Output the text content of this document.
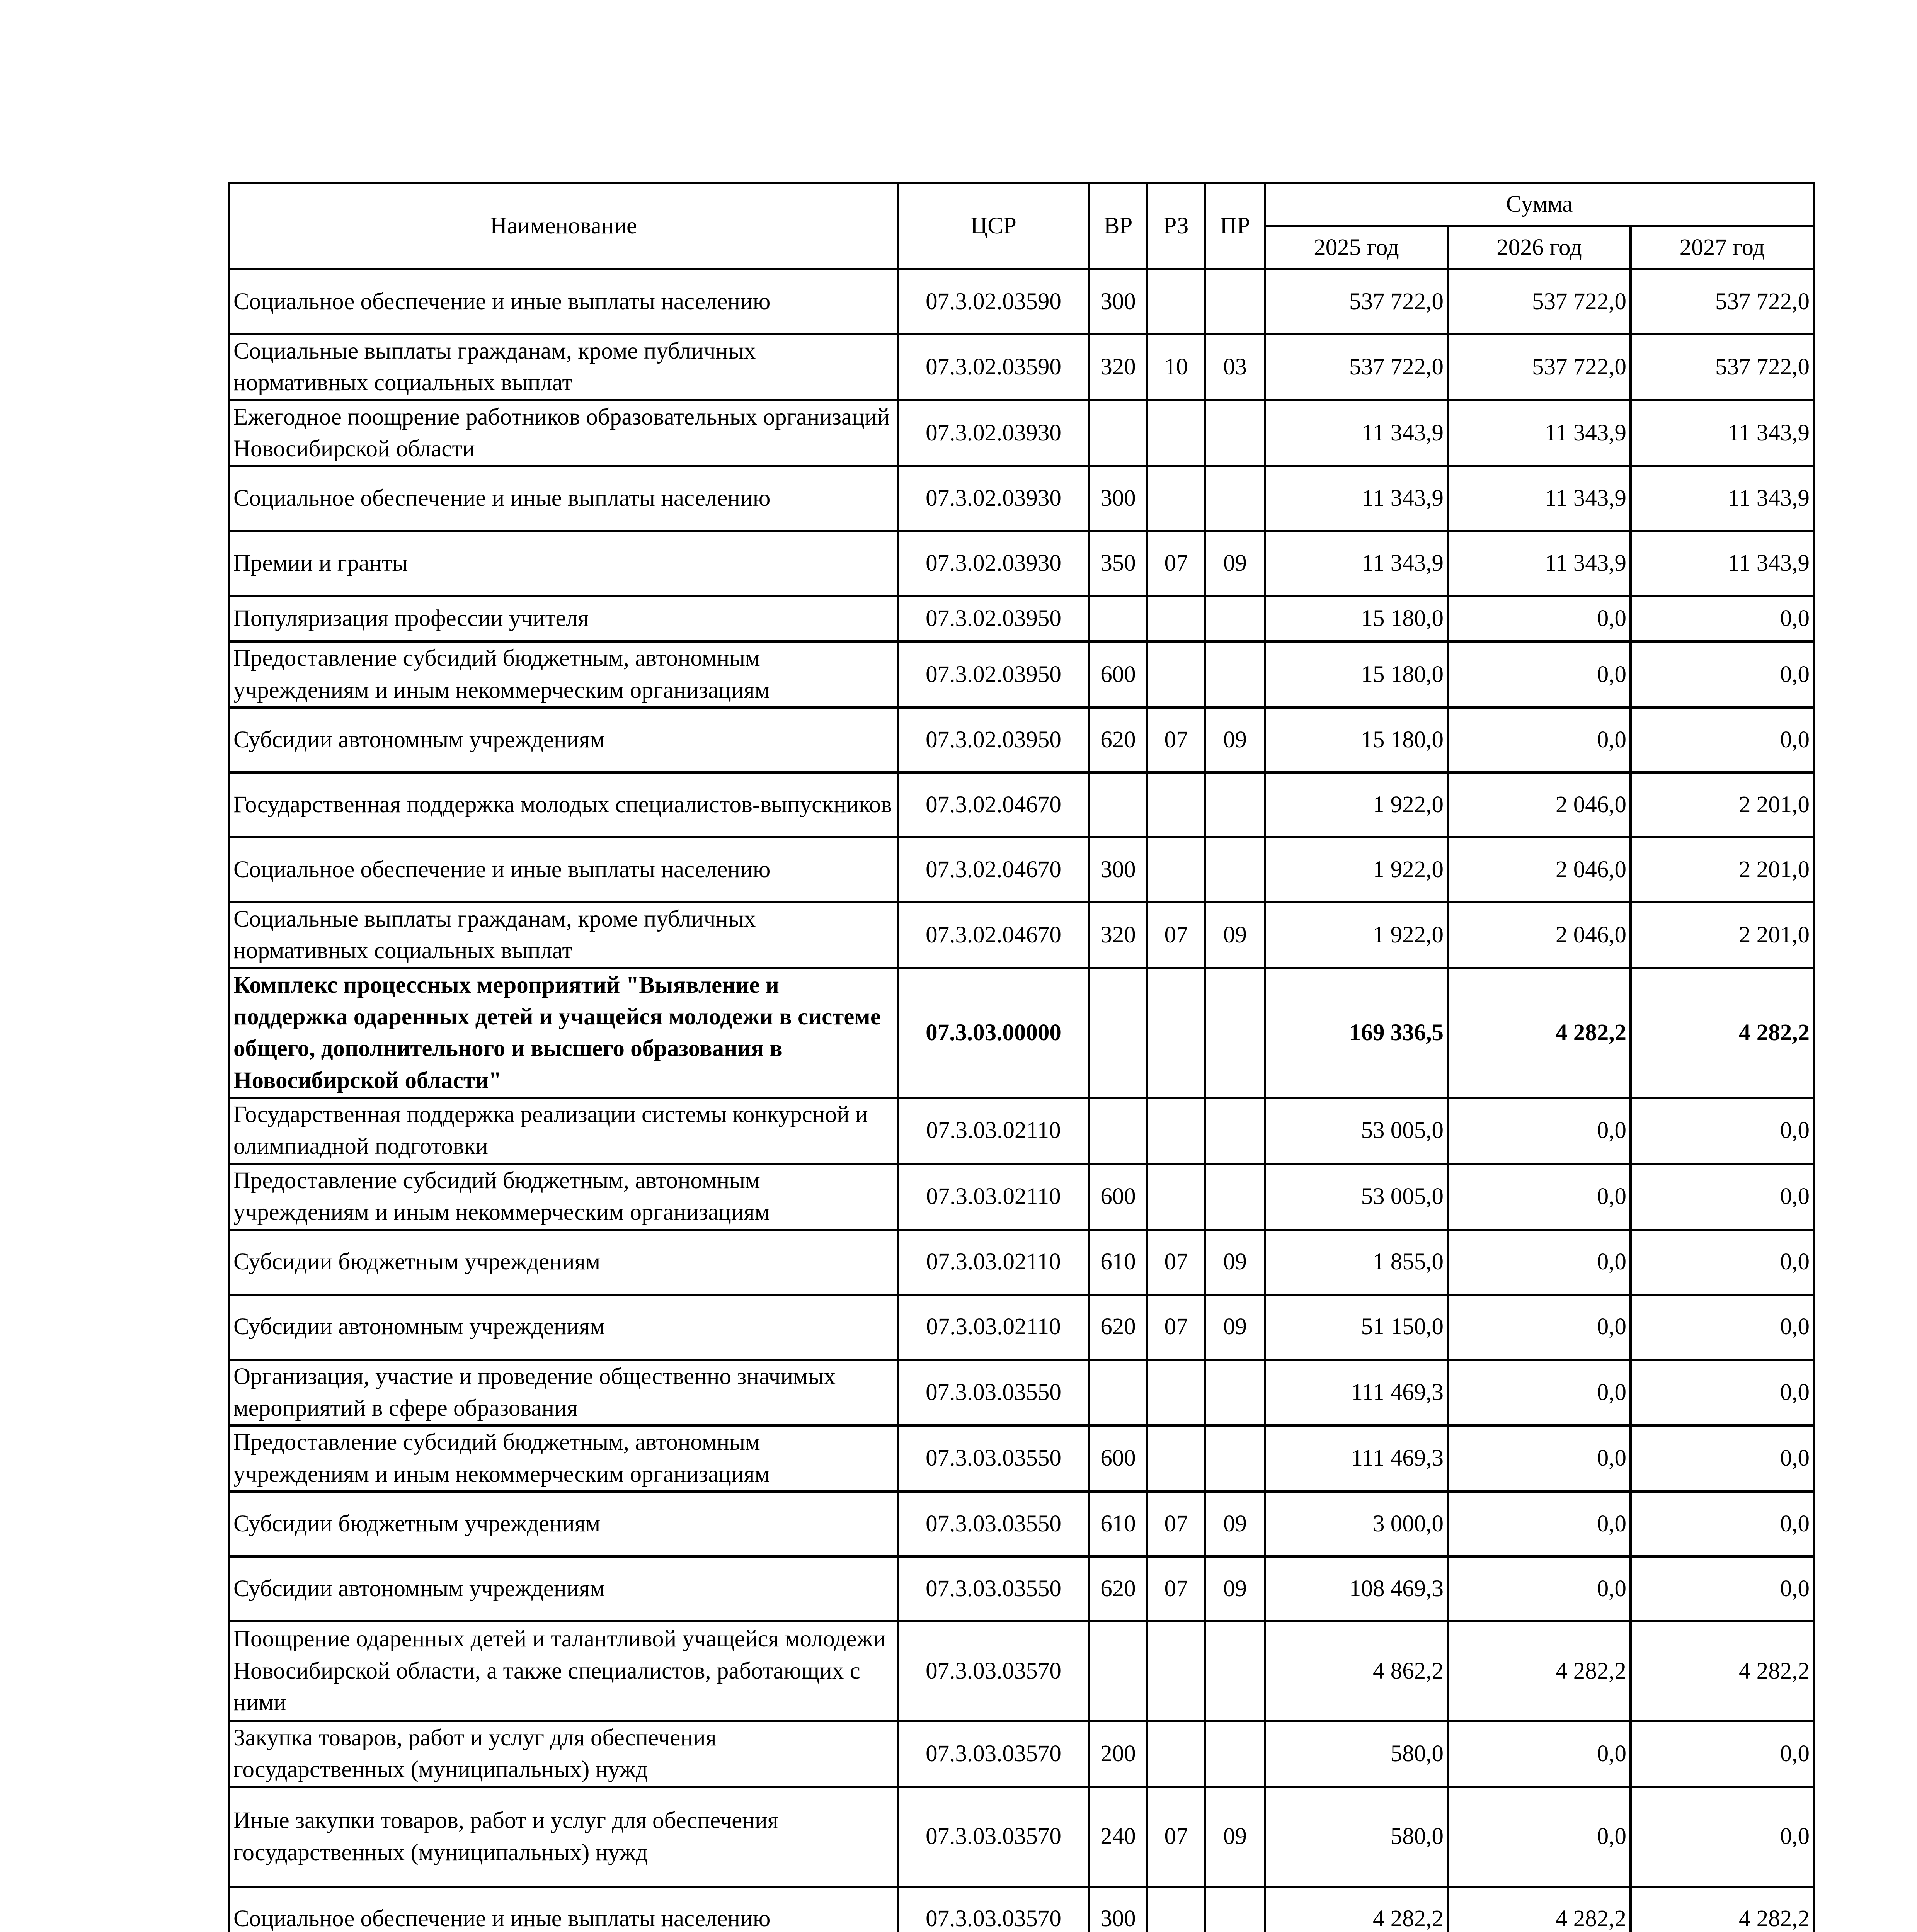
Наименование	ЦСР	ВР	РЗ	ПР	Сумма		
					2025 год	2026 год	2027 год
Социальное обеспечение и иные выплаты населению	07.3.02.03590	300			537 722,0	537 722,0	537 722,0
Социальные выплаты гражданам, кроме публичных нормативных социальных выплат	07.3.02.03590	320	10	03	537 722,0	537 722,0	537 722,0
Ежегодное поощрение работников образовательных организаций Новосибирской области	07.3.02.03930				11 343,9	11 343,9	11 343,9
Социальное обеспечение и иные выплаты населению	07.3.02.03930	300			11 343,9	11 343,9	11 343,9
Премии и гранты	07.3.02.03930	350	07	09	11 343,9	11 343,9	11 343,9
Популяризация профессии учителя	07.3.02.03950				15 180,0	0,0	0,0
Предоставление субсидий бюджетным, автономным учреждениям и иным некоммерческим организациям	07.3.02.03950	600			15 180,0	0,0	0,0
Субсидии автономным учреждениям	07.3.02.03950	620	07	09	15 180,0	0,0	0,0
Государственная поддержка молодых специалистов-выпускников	07.3.02.04670				1 922,0	2 046,0	2 201,0
Социальное обеспечение и иные выплаты населению	07.3.02.04670	300			1 922,0	2 046,0	2 201,0
Социальные выплаты гражданам, кроме публичных нормативных социальных выплат	07.3.02.04670	320	07	09	1 922,0	2 046,0	2 201,0
Комплекс процессных мероприятий "Выявление и поддержка одаренных детей и учащейся молодежи в системе общего, дополнительного и высшего образования в Новосибирской области"	07.3.03.00000				169 336,5	4 282,2	4 282,2
Государственная поддержка реализации системы конкурсной и олимпиадной подготовки	07.3.03.02110				53 005,0	0,0	0,0
Предоставление субсидий бюджетным, автономным учреждениям и иным некоммерческим организациям	07.3.03.02110	600			53 005,0	0,0	0,0
Субсидии бюджетным учреждениям	07.3.03.02110	610	07	09	1 855,0	0,0	0,0
Субсидии автономным учреждениям	07.3.03.02110	620	07	09	51 150,0	0,0	0,0
Организация, участие и проведение общественно значимых мероприятий в сфере образования	07.3.03.03550				111 469,3	0,0	0,0
Предоставление субсидий бюджетным, автономным учреждениям и иным некоммерческим организациям	07.3.03.03550	600			111 469,3	0,0	0,0
Субсидии бюджетным учреждениям	07.3.03.03550	610	07	09	3 000,0	0,0	0,0
Субсидии автономным учреждениям	07.3.03.03550	620	07	09	108 469,3	0,0	0,0
Поощрение одаренных детей и талантливой учащейся молодежи Новосибирской области, а также специалистов, работающих с ними	07.3.03.03570				4 862,2	4 282,2	4 282,2
Закупка товаров, работ и услуг для обеспечения государственных (муниципальных) нужд	07.3.03.03570	200			580,0	0,0	0,0
Иные закупки товаров, работ и услуг для обеспечения государственных (муниципальных) нужд	07.3.03.03570	240	07	09	580,0	0,0	0,0
Социальное обеспечение и иные выплаты населению	07.3.03.03570	300			4 282,2	4 282,2	4 282,2
